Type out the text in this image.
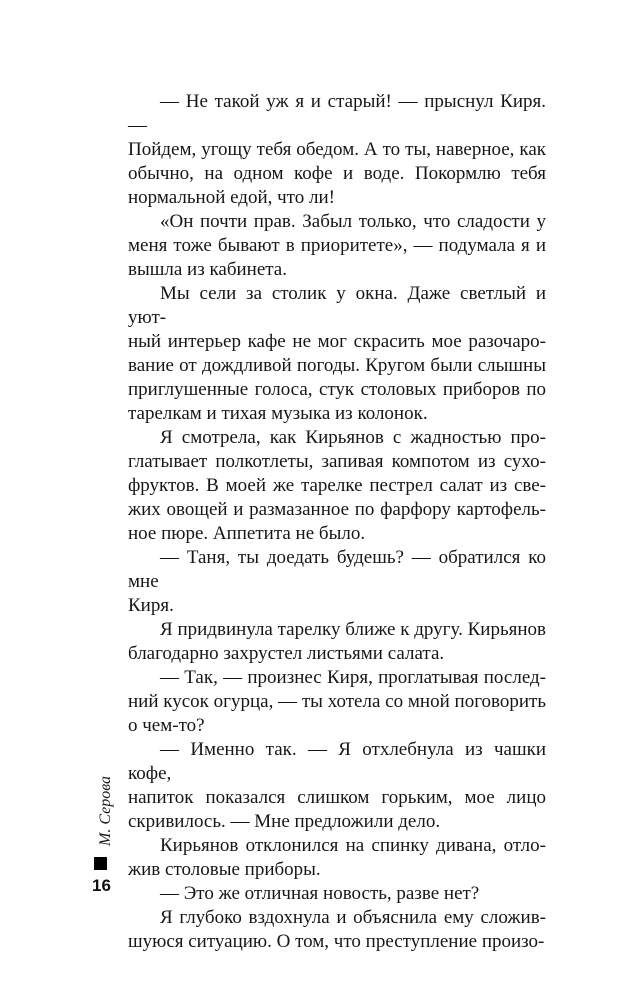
М. Серова
16
— Не такой уж я и старый! — прыснул Киря. —
Пойдем, угощу тебя обедом. А то ты, наверное, как
обычно, на одном кофе и воде. Покормлю тебя
нормальной едой, что ли!
«Он почти прав. Забыл только, что сладости у
меня тоже бывают в приоритете», — подумала я и
вышла из кабинета.
Мы сели за столик у окна. Даже светлый и уют-
ный интерьер кафе не мог скрасить мое разочаро-
вание от дождливой погоды. Кругом были слышны
приглушенные голоса, стук столовых приборов по
тарелкам и тихая музыка из колонок.
Я смотрела, как Кирьянов с жадностью про-
глатывает полкотлеты, запивая компотом из сухо-
фруктов. В моей же тарелке пестрел салат из све-
жих овощей и размазанное по фарфору картофель-
ное пюре. Аппетита не было.
— Таня, ты доедать будешь? — обратился ко мне
Киря.
Я придвинула тарелку ближе к другу. Кирьянов
благодарно захрустел листьями салата.
— Так, — произнес Киря, проглатывая послед-
ний кусок огурца, — ты хотела со мной поговорить
о чем-то?
— Именно так. — Я отхлебнула из чашки кофе,
напиток показался слишком горьким, мое лицо
скривилось. — Мне предложили дело.
Кирьянов отклонился на спинку дивана, отло-
жив столовые приборы.
— Это же отличная новость, разве нет?
Я глубоко вздохнула и объяснила ему сложив-
шуюся ситуацию. О том, что преступление произо-
